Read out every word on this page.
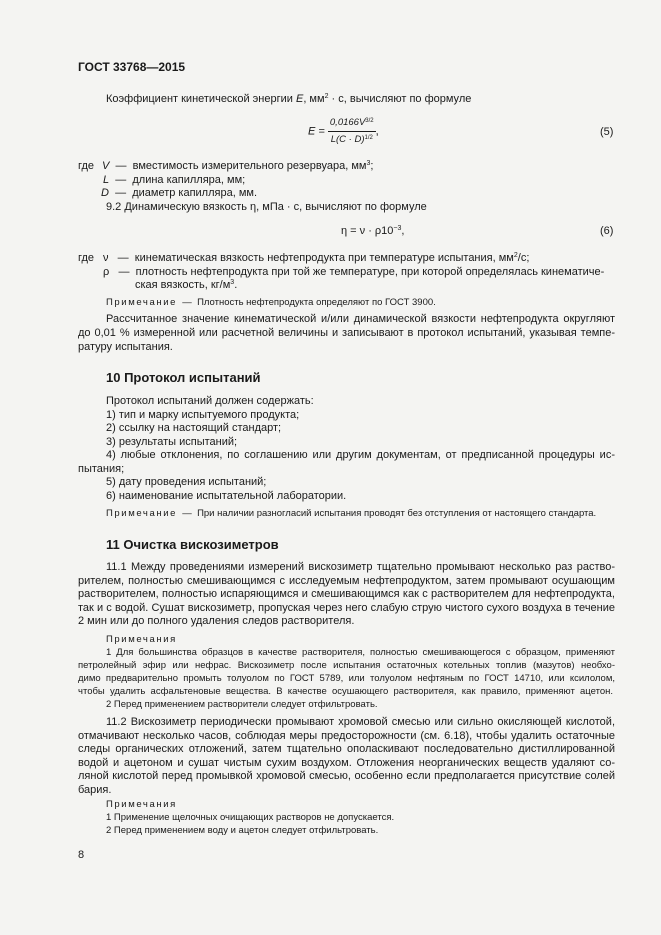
ГОСТ 33768—2015
Коэффициент кинетической энергии E, $мм^2 \cdot с$, вычисляют по формуле
$E = \frac{0,0166V^{3/2}}{L(C \cdot D)^{1/2}}$ ,	(5)
где V — вместимость измерительного резервуара, $мм^3$;
L — длина капилляра, мм;
D — диаметр капилляра, мм.
9.2 Динамическую вязкость η, мПа · с, вычисляют по формуле
$\eta = \nu \cdot \rho 10^{-3}$,	(6)
где ν — кинематическая вязкость нефтепродукта при температуре испытания, $мм^2/с$;
ρ — плотность нефтепродукта при той же температуре, при которой определялась кинематиче-
ская вязкость, $кг/м^3$.
Примечание — Плотность нефтепродукта определяют по ГОСТ 3900.
Рассчитанное значение кинематической и/или динамической вязкости нефтепродукта округляют
до 0,01 % измеренной или расчетной величины и записывают в протокол испытаний, указывая темпе-
ратуру испытания.
10 Протокол испытаний
Протокол испытаний должен содержать:
1) тип и марку испытуемого продукта;
2) ссылку на настоящий стандарт;
3) результаты испытаний;
4) любые отклонения, по соглашению или другим документам, от предписанной процедуры ис-
пытания;
5) дату проведения испытаний;
6) наименование испытательной лаборатории.
Примечание — При наличии разногласий испытания проводят без отступления от настоящего стандарта.
11 Очистка вискозиметров
11.1 Между проведениями измерений вискозиметр тщательно промывают несколько раз раство-
рителем, полностью смешивающимся с исследуемым нефтепродуктом, затем промывают осушающим
растворителем, полностью испаряющимся и смешивающимся как с растворителем для нефтепродукта,
так и с водой. Сушат вискозиметр, пропуская через него слабую струю чистого сухого воздуха в течение
2 мин или до полного удаления следов растворителя.
Примечания
1 Для большинства образцов в качестве растворителя, полностью смешивающегося с образцом, применяют
петролейный эфир или нефрас. Вискозиметр после испытания остаточных котельных топлив (мазутов) необхо-
димо предварительно промыть толуолом по ГОСТ 5789, или толуолом нефтяным по ГОСТ 14710, или ксилолом,
чтобы удалить асфальтеновые вещества. В качестве осушающего растворителя, как правило, применяют ацетон.
2 Перед применением растворители следует отфильтровать.
11.2 Вискозиметр периодически промывают хромовой смесью или сильно окисляющей кислотой,
отмачивают несколько часов, соблюдая меры предосторожности (см. 6.18), чтобы удалить остаточные
следы органических отложений, затем тщательно ополаскивают последовательно дистиллированной
водой и ацетоном и сушат чистым сухим воздухом. Отложения неорганических веществ удаляют со-
ляной кислотой перед промывкой хромовой смесью, особенно если предполагается присутствие солей
бария.
Примечания
1 Применение щелочных очищающих растворов не допускается.
2 Перед применением воду и ацетон следует отфильтровать.
8
